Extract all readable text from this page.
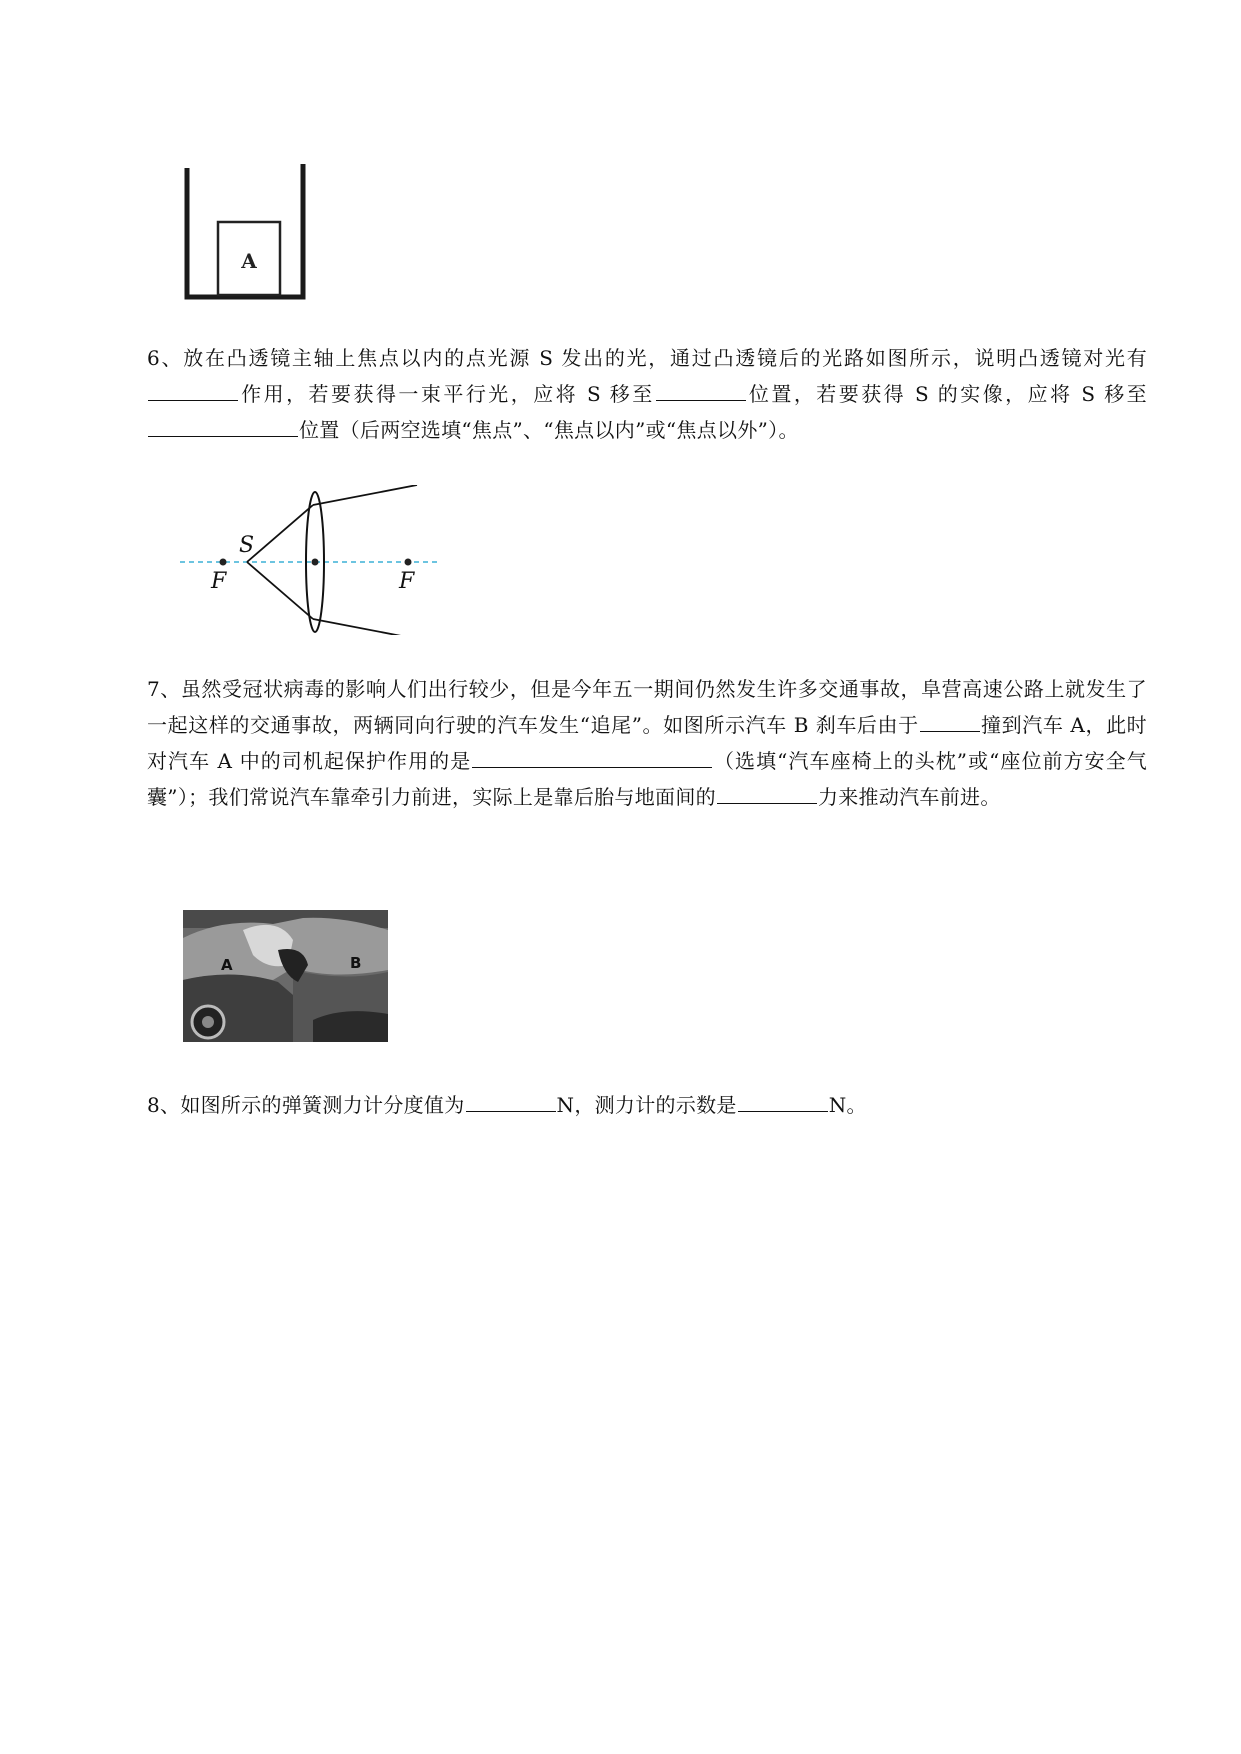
A
6、放在凸透镜主轴上焦点以内的点光源 S 发出的光，通过凸透镜后的光路如图所示，说明凸透镜对光有作用，若要获得一束平行光，应将 S 移至	位置，若要获得 S 的实像，应将 S 移至位置（后两空选填“焦点”、“焦点以内”或“焦点以外”）。
S
F	F
7、虽然受冠状病毒的影响人们出行较少，但是今年五一期间仍然发生许多交通事故，阜营高速公路上就发生了一起这样的交通事故，两辆同向行驶的汽车发生“追尾”。如图所示汽车 B 刹车后由于	撞到汽车 A，此时对汽车 A 中的司机起保护作用的是	（选填“汽车座椅上的头枕”或“座位前方安全气囊”）；我们常说汽车靠牵引力前进，实际上是靠后胎与地面间的	力来推动汽车前进。
A	B
8、如图所示的弹簧测力计分度值为	N，测力计的示数是	N。
